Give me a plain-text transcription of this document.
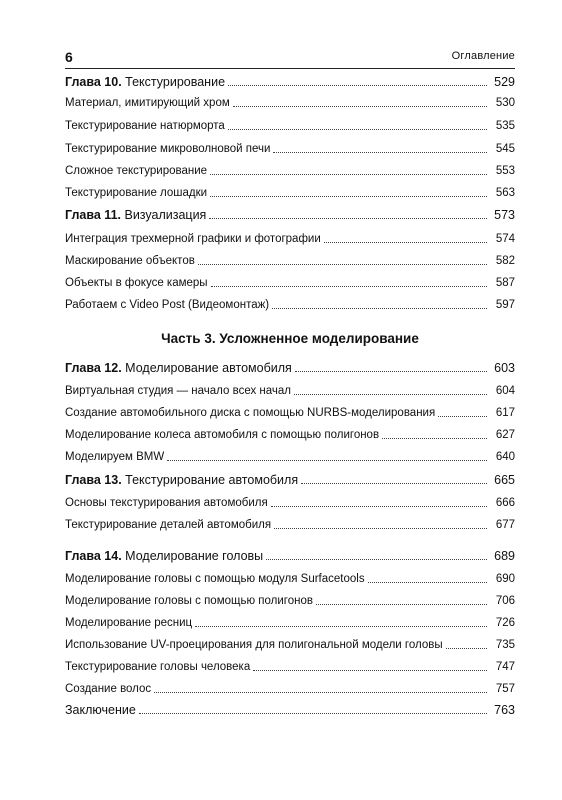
6	Оглавление
Глава 10. Текстурирование	529
Материал, имитирующий хром	530
Текстурирование натюрморта	535
Текстурирование микроволновой печи	545
Сложное текстурирование	553
Текстурирование лошадки	563
Глава 11. Визуализация	573
Интеграция трехмерной графики и фотографии	574
Маскирование объектов	582
Объекты в фокусе камеры	587
Работаем с Video Post (Видеомонтаж)	597
Часть 3. Усложненное моделирование
Глава 12. Моделирование автомобиля	603
Виртуальная студия — начало всех начал	604
Создание автомобильного диска с помощью NURBS-моделирования	617
Моделирование колеса автомобиля с помощью полигонов	627
Моделируем BMW	640
Глава 13. Текстурирование автомобиля	665
Основы текстурирования автомобиля	666
Текстурирование деталей автомобиля	677
Глава 14. Моделирование головы	689
Моделирование головы с помощью модуля Surfacetools	690
Моделирование головы с помощью полигонов	706
Моделирование ресниц	726
Использование UV-проецирования для полигональной модели головы	735
Текстурирование головы человека	747
Создание волос	757
Заключение	763
